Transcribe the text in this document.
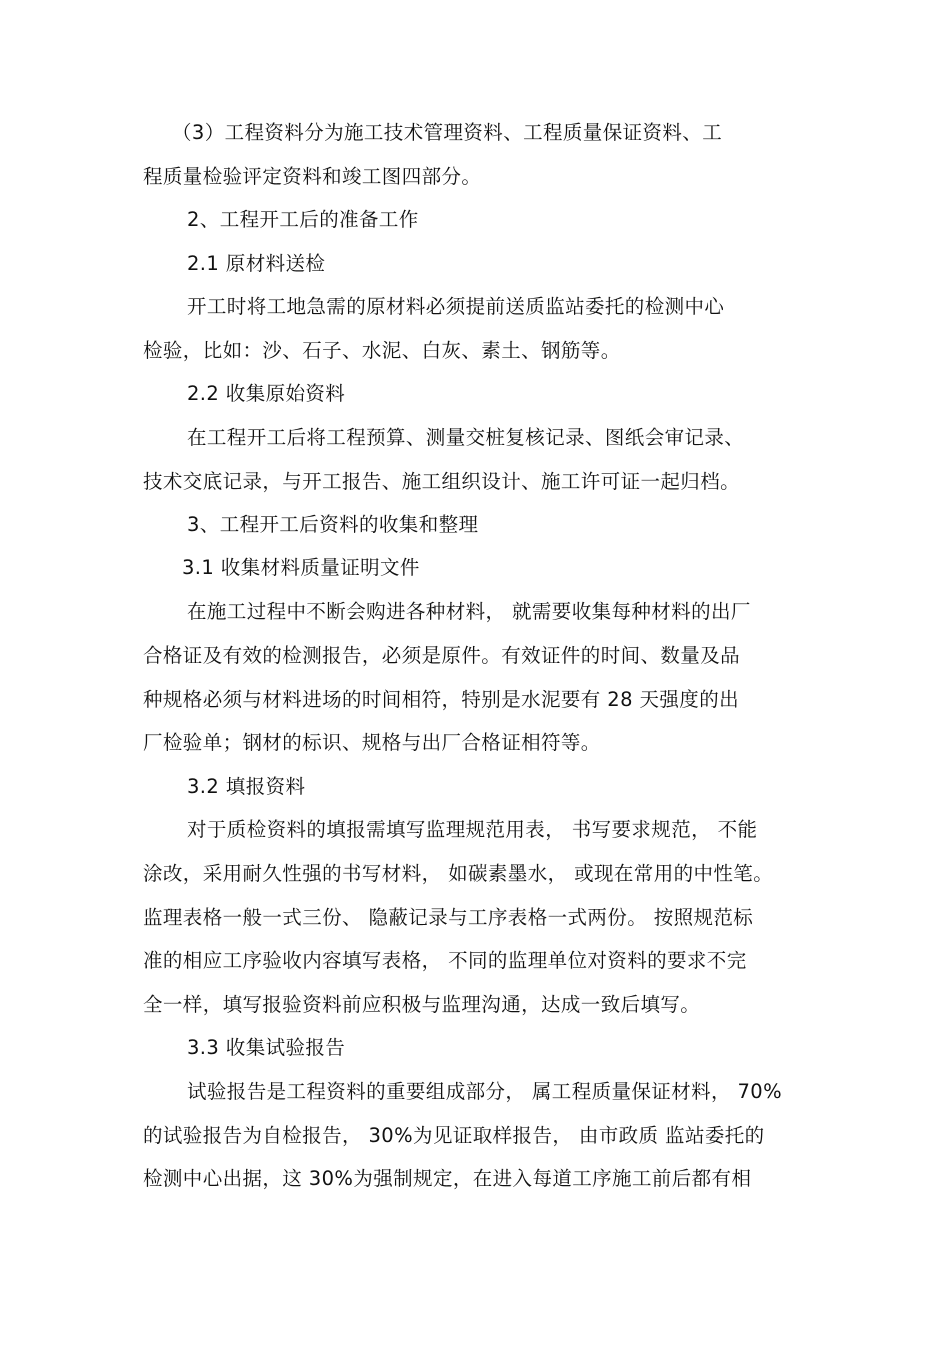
（3）工程资料分为施工技术管理资料、工程质量保证资料、工
程质量检验评定资料和竣工图四部分。
2、工程开工后的准备工作
2.1 原材料送检
开工时将工地急需的原材料必须提前送质监站委托的检测中心
检验，比如：沙、石子、水泥、白灰、素土、钢筋等。
2.2 收集原始资料
在工程开工后将工程预算、测量交桩复核记录、图纸会审记录、
技术交底记录，与开工报告、施工组织设计、施工许可证一起归档。
3、工程开工后资料的收集和整理
3.1 收集材料质量证明文件
在施工过程中不断会购进各种材料， 就需要收集每种材料的出厂
合格证及有效的检测报告，必须是原件。有效证件的时间、数量及品
种规格必须与材料进场的时间相符，特别是水泥要有 28 天强度的出
厂检验单；钢材的标识、规格与出厂合格证相符等。
3.2 填报资料
对于质检资料的填报需填写监理规范用表， 书写要求规范， 不能
涂改，采用耐久性强的书写材料， 如碳素墨水， 或现在常用的中性笔。
监理表格一般一式三份、 隐蔽记录与工序表格一式两份。 按照规范标
准的相应工序验收内容填写表格， 不同的监理单位对资料的要求不完
全一样，填写报验资料前应积极与监理沟通，达成一致后填写。
3.3 收集试验报告
试验报告是工程资料的重要组成部分， 属工程质量保证材料， 70%
的试验报告为自检报告， 30%为见证取样报告， 由市政质 监站委托的
检测中心出据，这 30%为强制规定，在进入每道工序施工前后都有相
